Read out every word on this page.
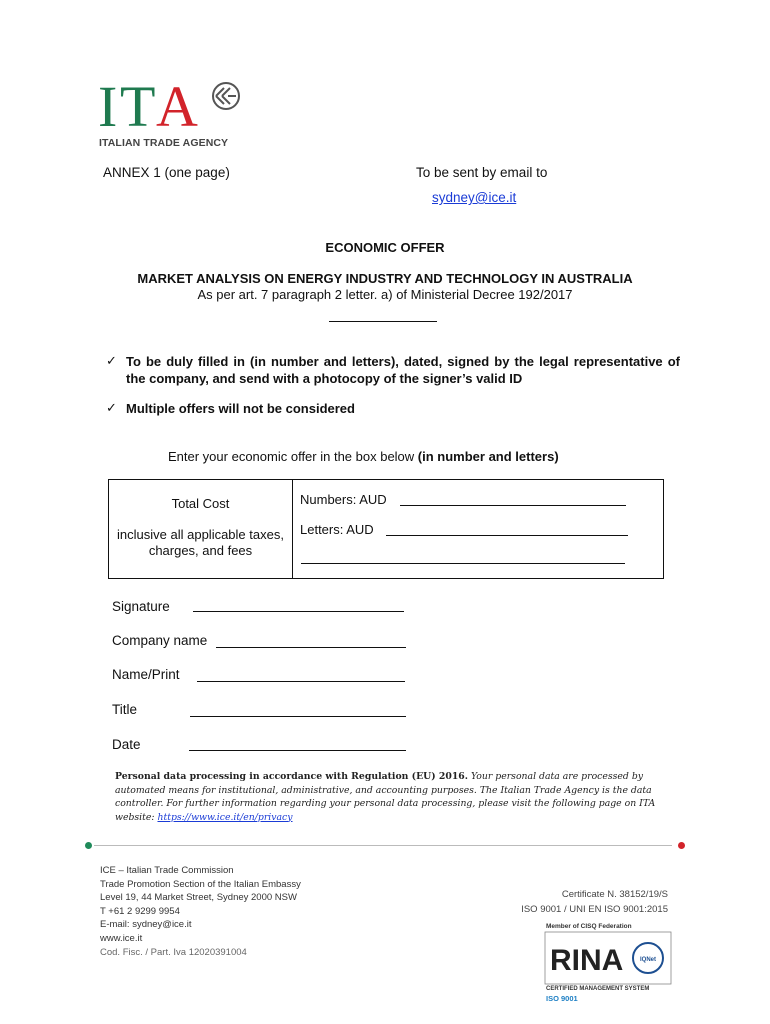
I T A
ITALIAN TRADE AGENCY
ANNEX 1 (one page)	To be sent by email to
sydney@ice.it
ECONOMIC OFFER
MARKET ANALYSIS ON ENERGY INDUSTRY AND TECHNOLOGY IN AUSTRALIA
As per art. 7 paragraph 2 letter. a) of Ministerial Decree 192/2017
✓ To be duly filled in (in number and letters), dated, signed by the legal representative of the company, and send with a photocopy of the signer’s valid ID
✓ Multiple offers will not be considered
Enter your economic offer in the box below (in number and letters)
Total Cost
inclusive all applicable taxes, charges, and fees
Numbers: AUD
Letters: AUD
Signature
Company name
Name/Print
Title
Date
Personal data processing in accordance with Regulation (EU) 2016. Your personal data are processed by automated means for institutional, administrative, and accounting purposes. The Italian Trade Agency is the data controller. For further information regarding your personal data processing, please visit the following page on ITA website: https://www.ice.it/en/privacy
ICE – Italian Trade Commission
Trade Promotion Section of the Italian Embassy
Level 19, 44 Market Street, Sydney 2000 NSW
T +61 2 9299 9954
E-mail: sydney@ice.it
www.ice.it
Cod. Fisc. / Part. Iva 12020391004
Certificate N. 38152/19/S
ISO 9001 / UNI EN ISO 9001:2015
Member of CISQ Federation
RINA	IQNet
CERTIFIED MANAGEMENT SYSTEM
ISO 9001
